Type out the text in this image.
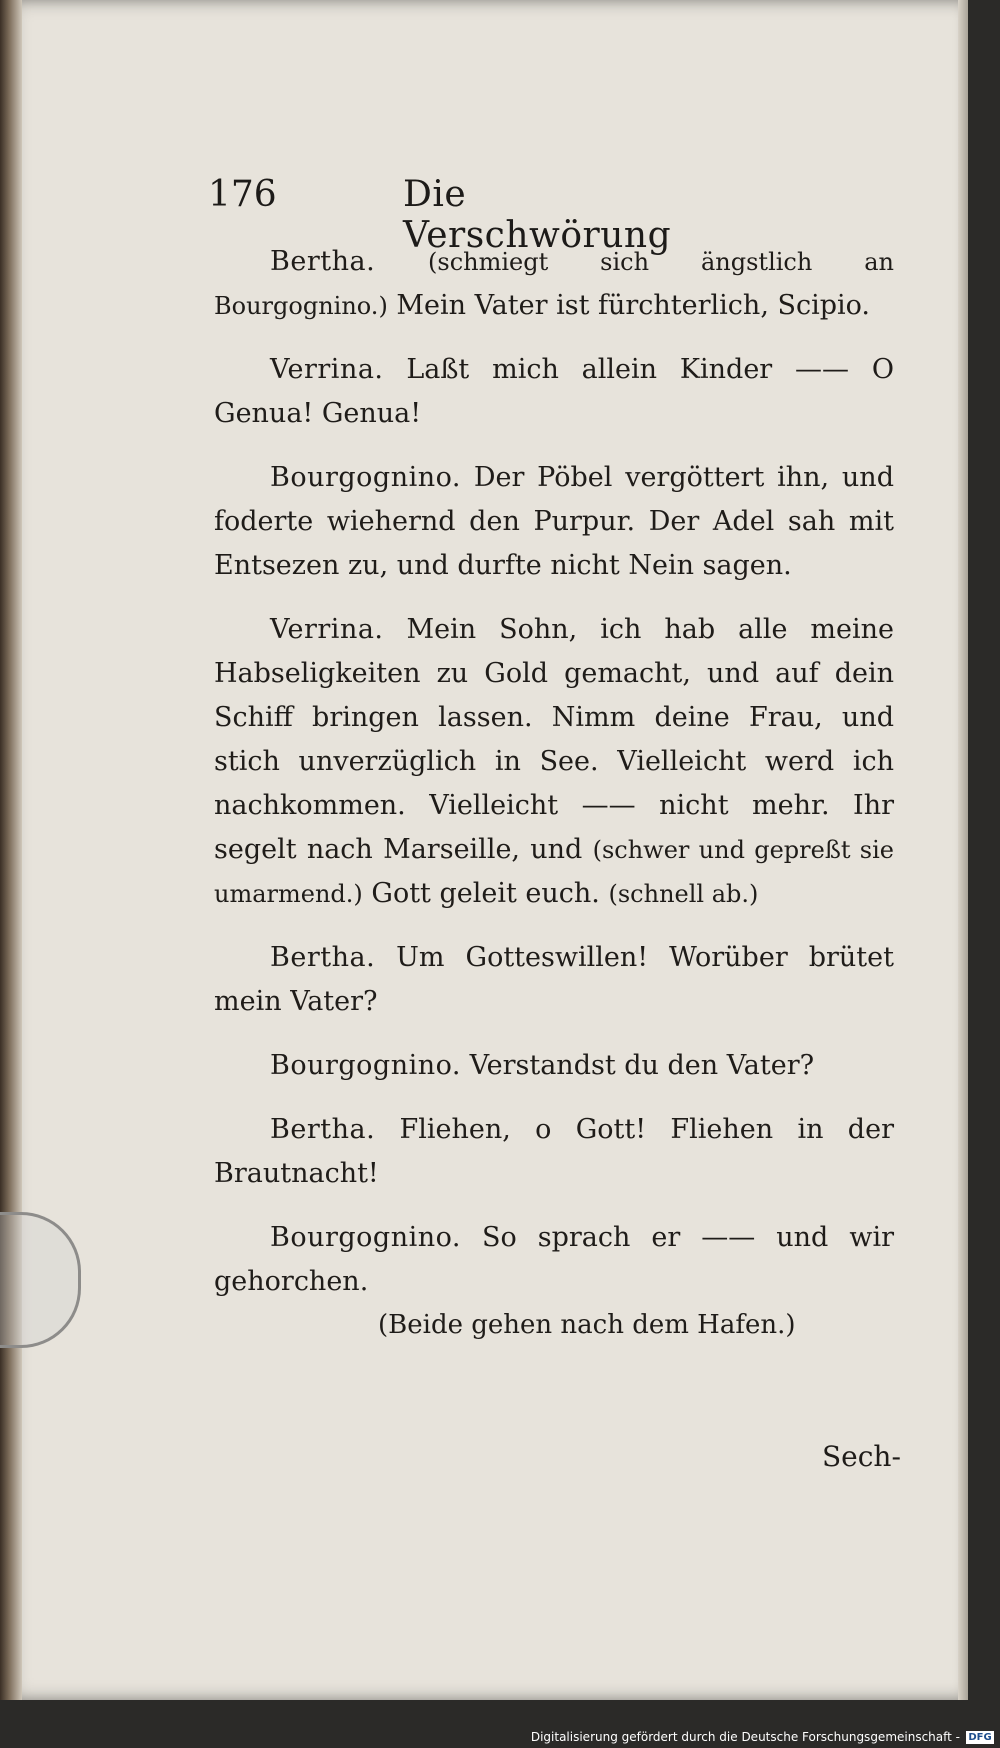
176	Die Verschwörung

Bertha. (schmiegt sich ängstlich an Bourgognino.) Mein Vater ist fürchterlich, Scipio.

Verrina. Laßt mich allein Kinder —— O Genua! Genua!

Bourgognino. Der Pöbel vergöttert ihn, und foderte wiehernd den Purpur. Der Adel sah mit Entsezen zu, und durfte nicht Nein sagen.

Verrina. Mein Sohn, ich hab alle meine Habseligkeiten zu Gold gemacht, und auf dein Schiff bringen lassen. Nimm deine Frau, und stich unverzüglich in See. Vielleicht werd ich nachkommen. Vielleicht —— nicht mehr. Ihr segelt nach Marseille, und (schwer und gepreßt sie umarmend.) Gott geleit euch. (schnell ab.)

Bertha. Um Gotteswillen! Worüber brütet mein Vater?

Bourgognino. Verstandst du den Vater?

Bertha. Fliehen, o Gott! Fliehen in der Brautnacht!

Bourgognino. So sprach er —— und wir gehorchen.

(Beide gehen nach dem Hafen.)
Sech-
Digitalisierung gefördert durch die Deutsche Forschungsgemeinschaft - DFG
